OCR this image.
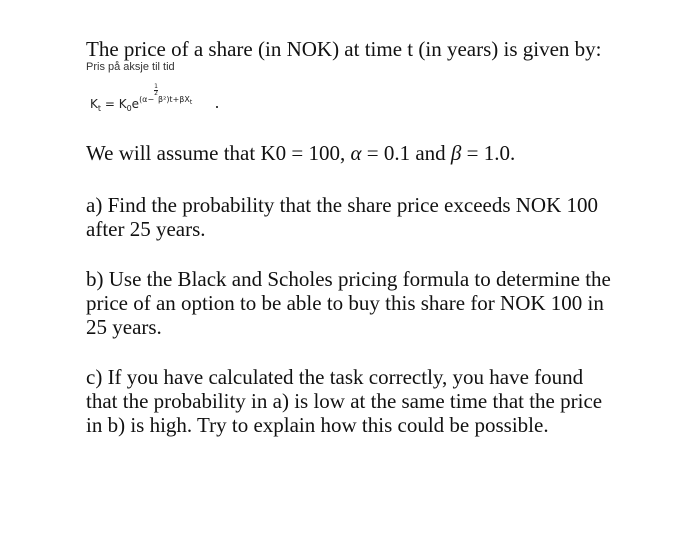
The price of a share (in NOK) at time t (in years) is given by:

Pris på aksje til tid
$K_t = K_0e^{(\alpha- \frac{1}{2} \beta^2)t+\beta X_t}$

We will assume that K0 = 100, α = 0.1 and β = 1.0.

a) Find the probability that the share price exceeds NOK 100

after 25 years.

b) Use the Black and Scholes pricing formula to determine the

price of an option to be able to buy this share for NOK 100 in

25 years.

c) If you have calculated the task correctly, you have found

that the probability in a) is low at the same time that the price

in b) is high. Try to explain how this could be possible.
